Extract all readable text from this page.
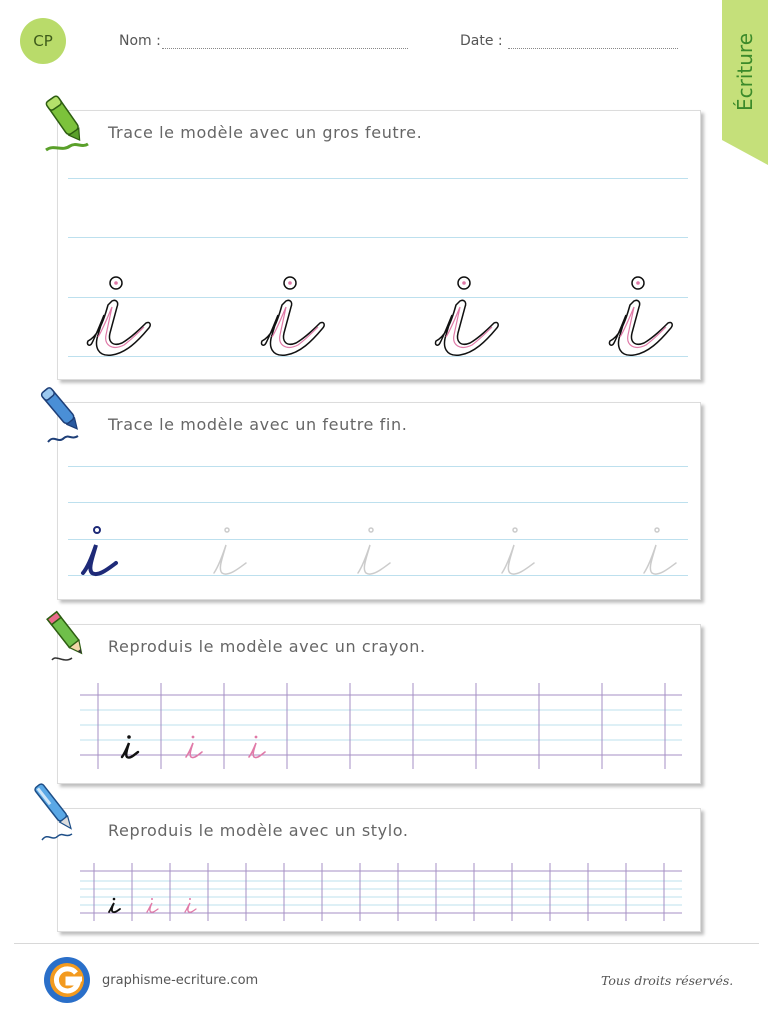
CP	Nom :	Date :	Écriture
Trace le modèle avec un gros feutre.
Trace le modèle avec un feutre fin.
Reproduis le modèle avec un crayon.
Reproduis le modèle avec un stylo.
graphisme-ecriture.com	Tous droits réservés.
